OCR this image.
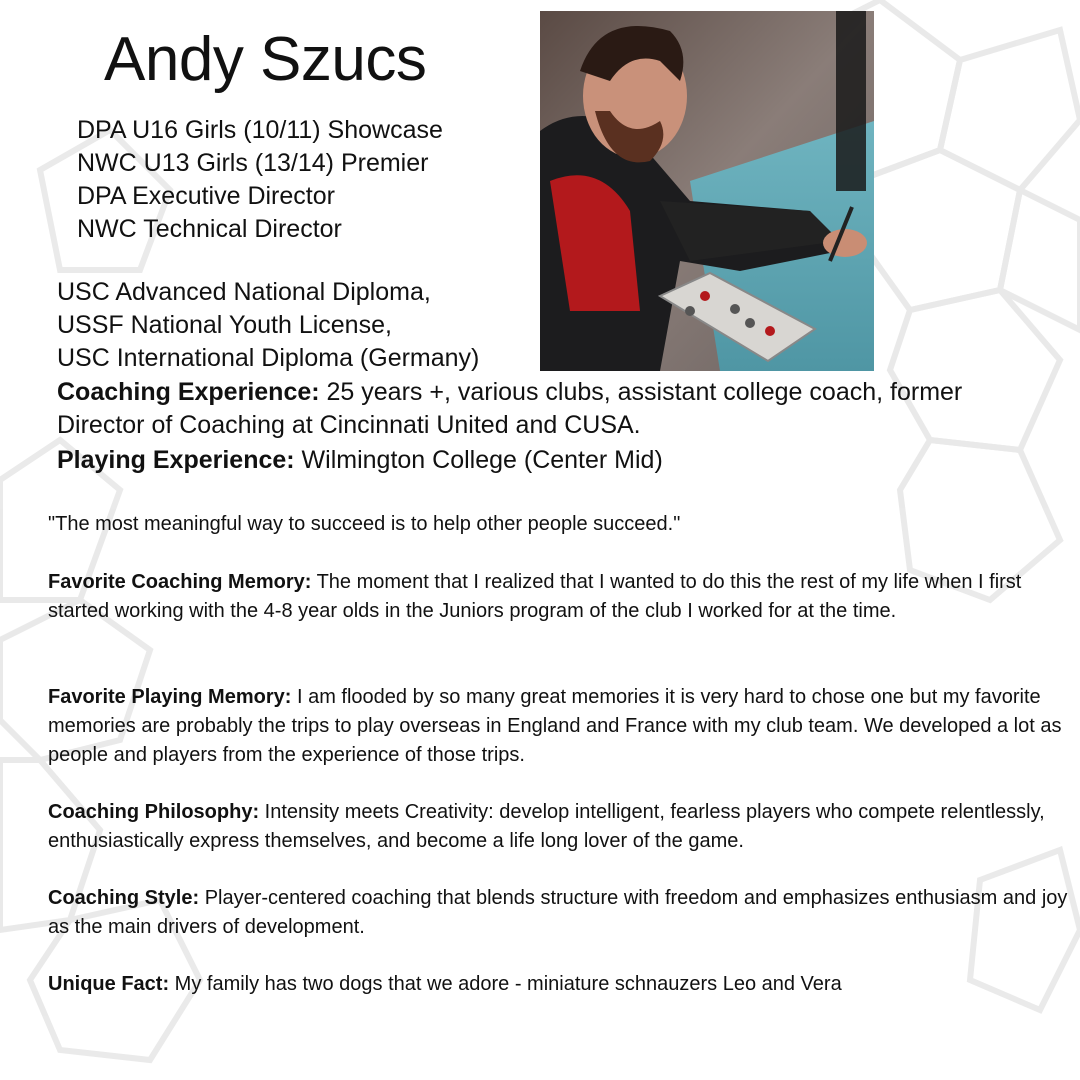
Andy Szucs
DPA U16 Girls (10/11) Showcase
NWC U13 Girls (13/14) Premier
DPA Executive Director
NWC Technical Director
USC Advanced National Diploma,
USSF National Youth License,
USC International Diploma (Germany)

Coaching Experience: 25 years +, various clubs, assistant college coach, former Director of Coaching at Cincinnati United and CUSA.

Playing Experience: Wilmington College (Center Mid)

"The most meaningful way to succeed is to help other people succeed."

Favorite Coaching Memory: The moment that I realized that I wanted to do this the rest of my life when I first started working with the 4-8 year olds in the Juniors program of the club I worked for at the time.

Favorite Playing Memory: I am flooded by so many great memories it is very hard to chose one but my favorite memories are probably the trips to play overseas in England and France with my club team. We developed a lot as people and players from the experience of those trips.

Coaching Philosophy: Intensity meets Creativity: develop intelligent, fearless players who compete relentlessly, enthusiastically express themselves, and become a life long lover of the game.

Coaching Style: Player-centered coaching that blends structure with freedom and emphasizes enthusiasm and joy as the main drivers of development.

Unique Fact: My family has two dogs that we adore - miniature schnauzers Leo and Vera
